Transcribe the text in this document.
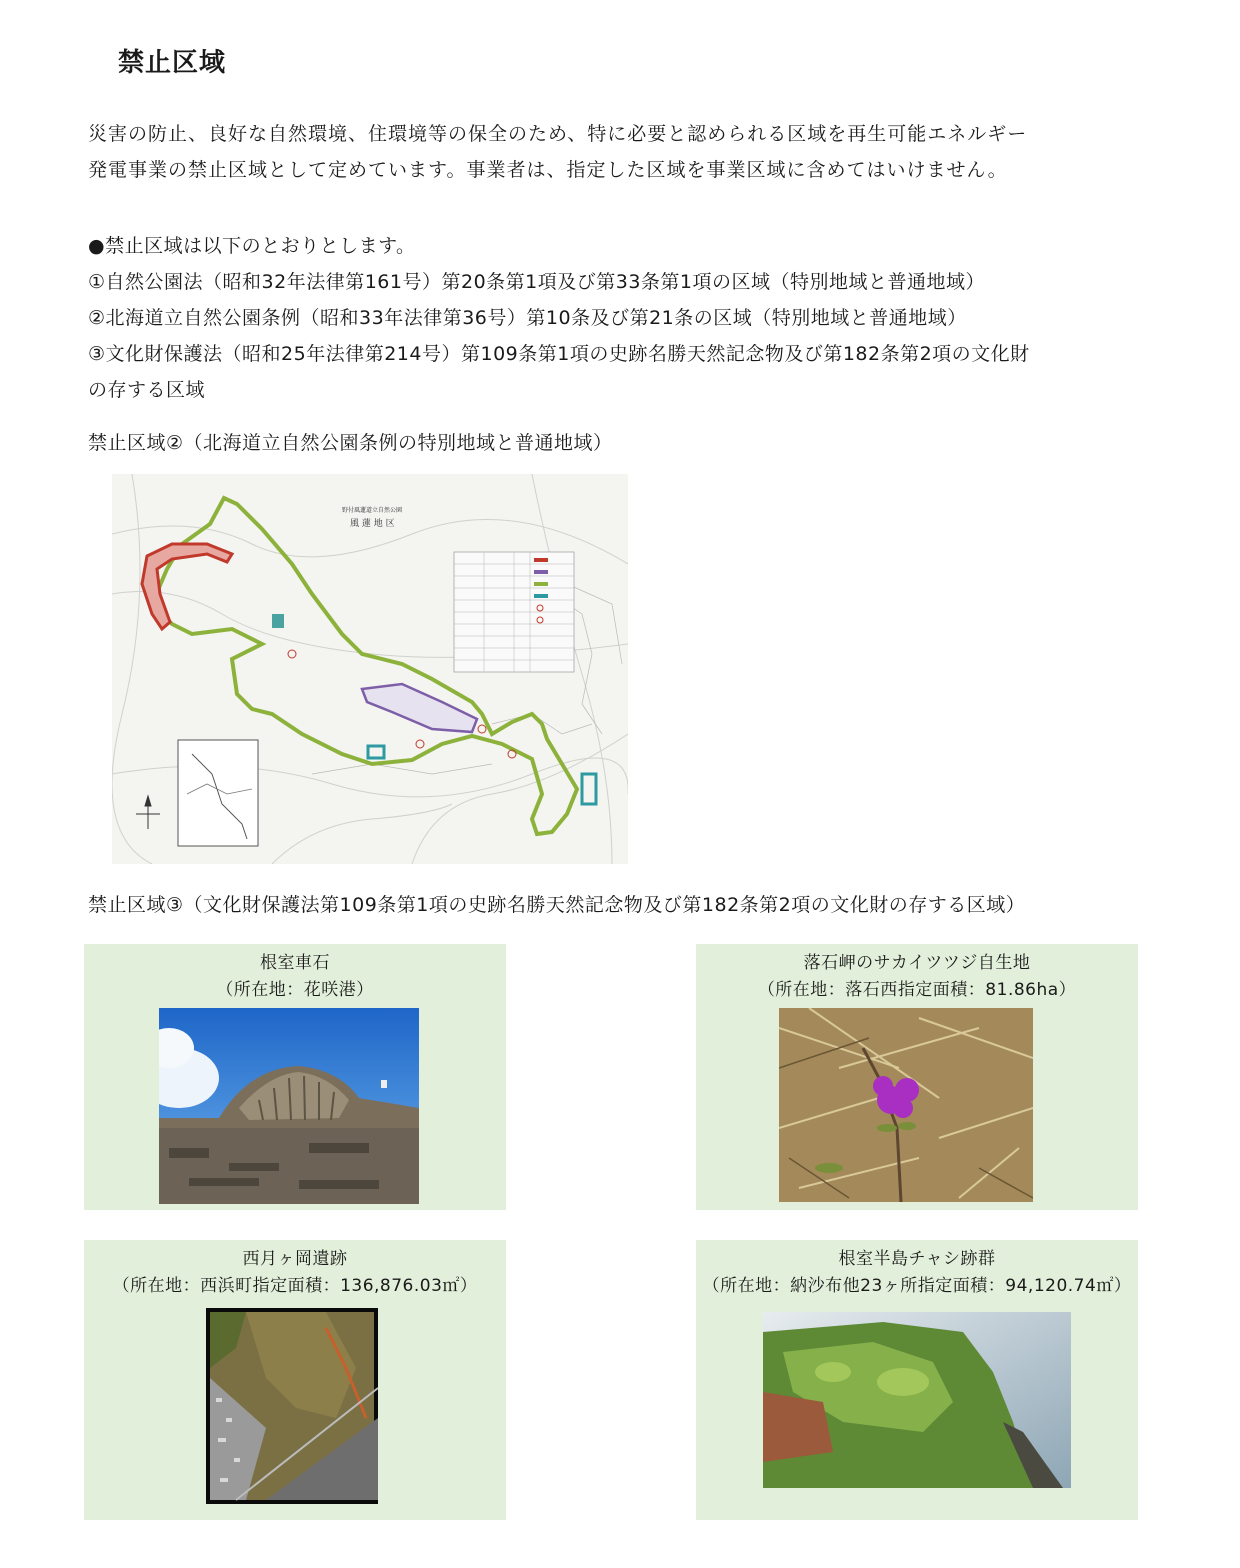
禁止区域
災害の防止、良好な自然環境、住環境等の保全のため、特に必要と認められる区域を再生可能エネルギー
発電事業の禁止区域として定めています。事業者は、指定した区域を事業区域に含めてはいけません。
●禁止区域は以下のとおりとします。
①自然公園法（昭和32年法律第161号）第20条第1項及び第33条第1項の区域（特別地域と普通地域）
②北海道立自然公園条例（昭和33年法律第36号）第10条及び第21条の区域（特別地域と普通地域）
③文化財保護法（昭和25年法律第214号）第109条第1項の史跡名勝天然記念物及び第182条第2項の文化財
の存する区域
禁止区域②（北海道立自然公園条例の特別地域と普通地域）
野付風蓮道立自然公園
風 蓮 地 区
禁止区域③（文化財保護法第109条第1項の史跡名勝天然記念物及び第182条第2項の文化財の存する区域）
根室車石
（所在地：花咲港）
落石岬のサカイツツジ自生地
（所在地：落石西指定面積：81.86ha）
西月ヶ岡遺跡
（所在地：西浜町指定面積：136,876.03㎡）
根室半島チャシ跡群
（所在地：納沙布他23ヶ所指定面積：94,120.74㎡）
